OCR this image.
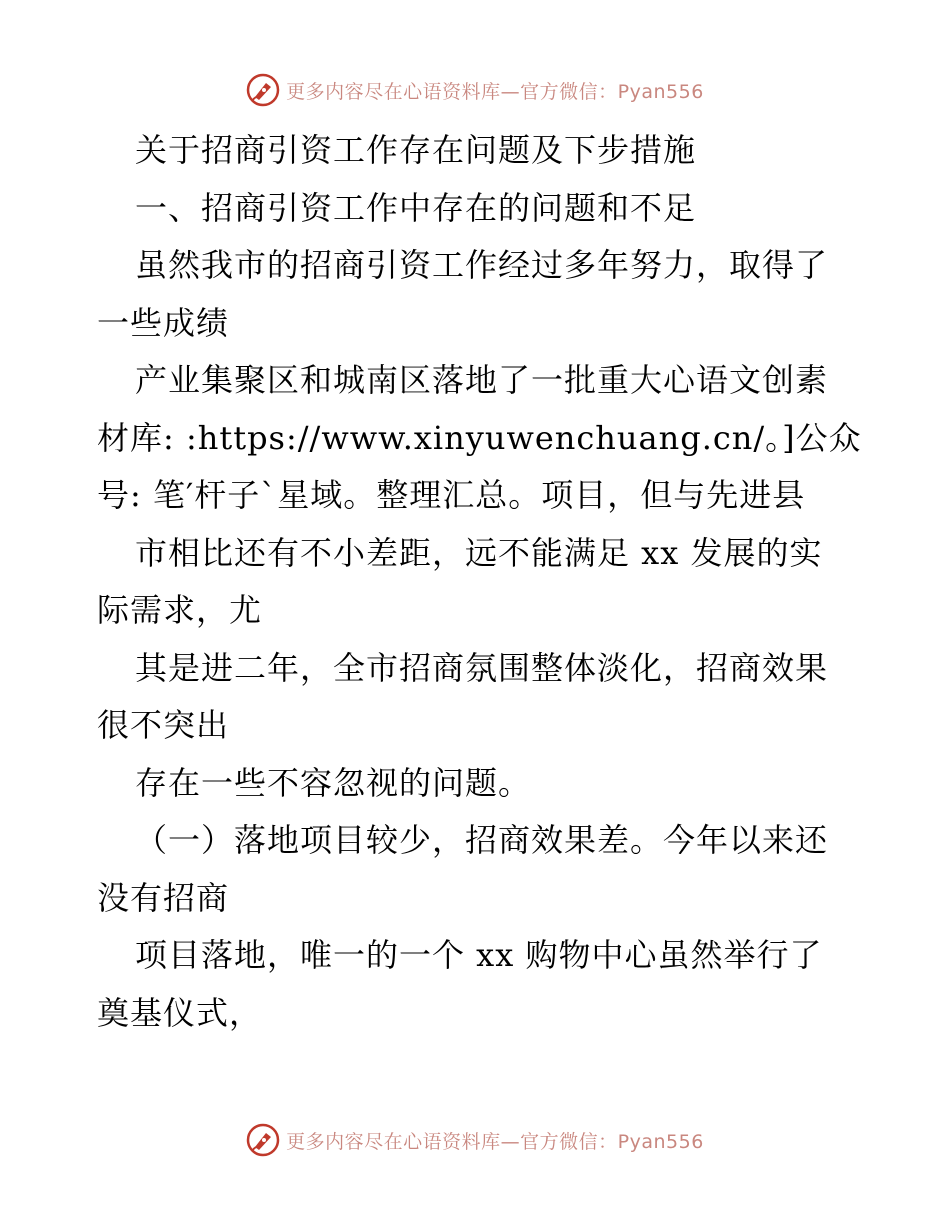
更多内容尽在心语资料库—官方微信：Pyan556
关于招商引资工作存在问题及下步措施
一、招商引资工作中存在的问题和不足
虽然我市的招商引资工作经过多年努力，取得了
一些成绩
产业集聚区和城南区落地了一批重大心语文创素
材库: :https://www.xinyuwenchuang.cn/。]公众
号: 笔′杆子`星域。整理汇总。项目，但与先进县
市相比还有不小差距，远不能满足 xx 发展的实
际需求，尤
其是进二年，全市招商氛围整体淡化，招商效果
很不突出
存在一些不容忽视的问题。
（一）落地项目较少，招商效果差。今年以来还
没有招商
项目落地，唯一的一个 xx 购物中心虽然举行了
奠基仪式，
更多内容尽在心语资料库—官方微信：Pyan556
